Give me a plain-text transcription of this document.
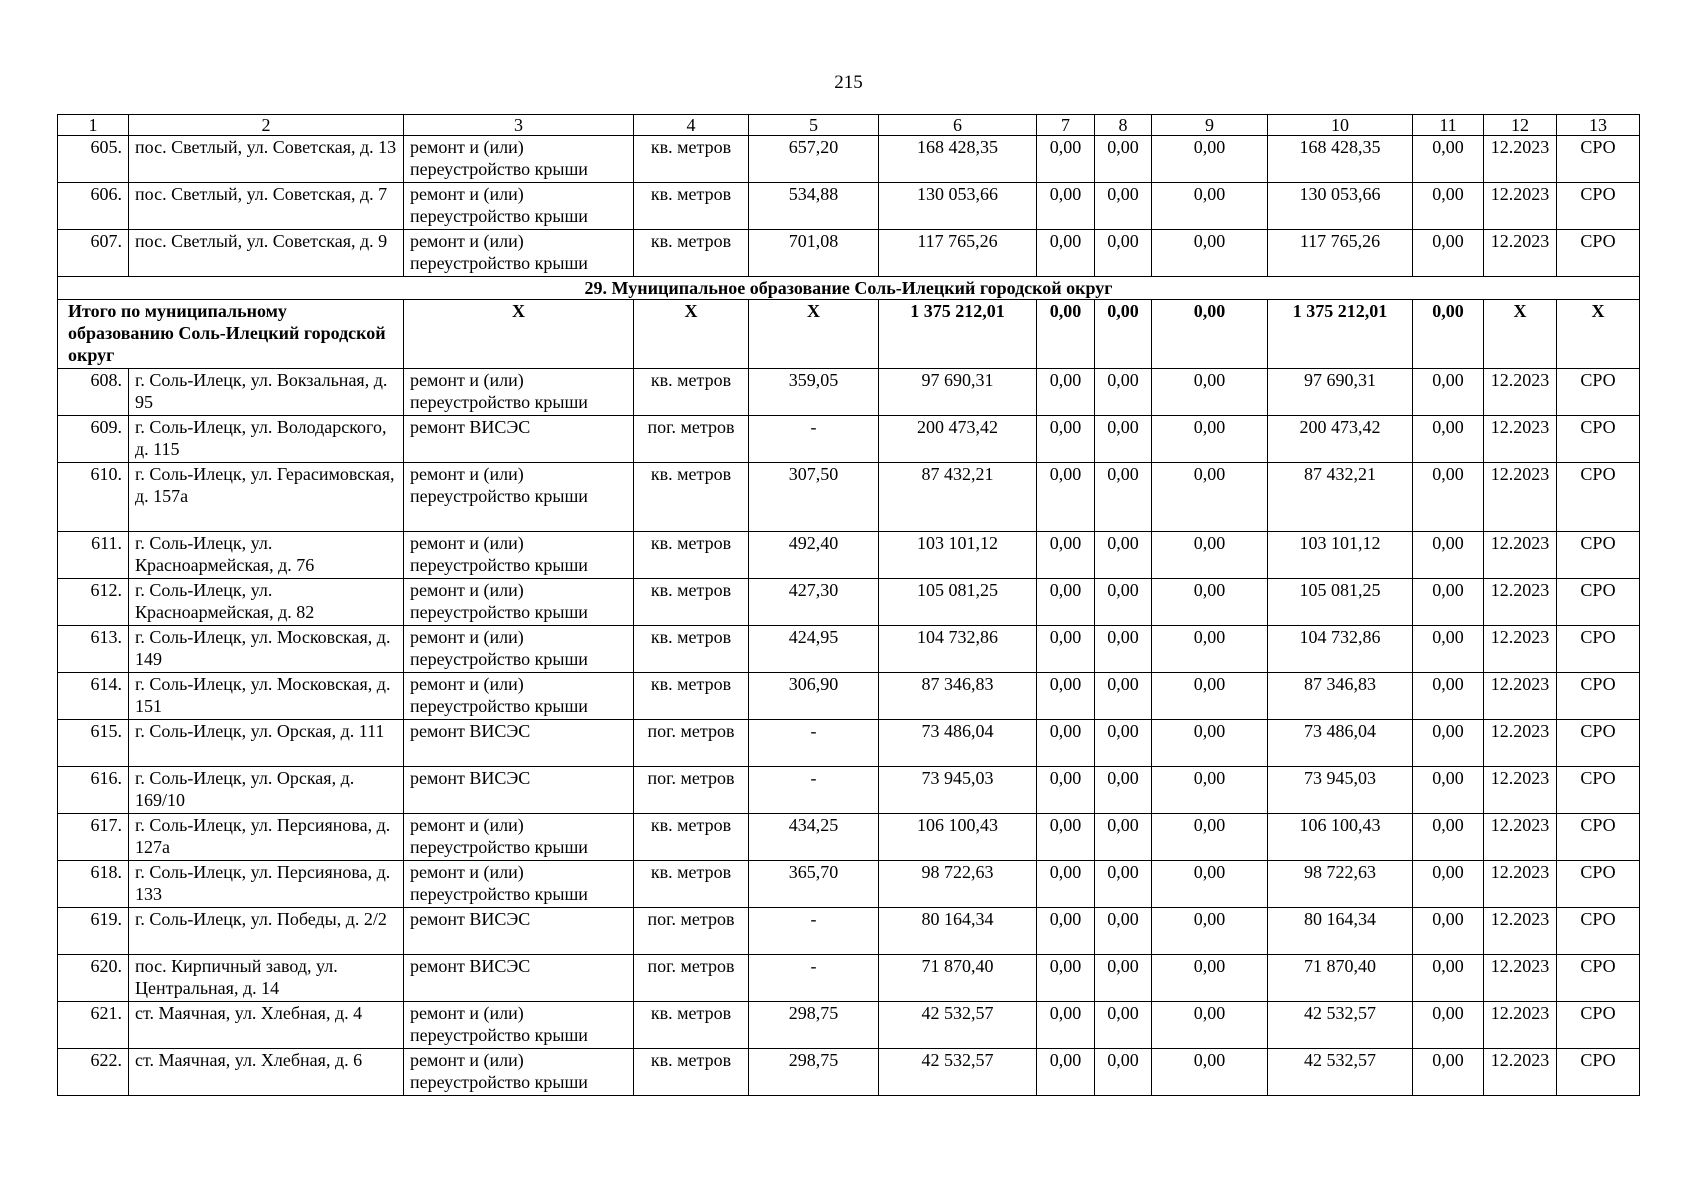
215
1	2	3	4	5	6	7	8	9	10	11	12	13
605.	пос. Светлый, ул. Советская, д. 13	ремонт и (или) переустройство крыши	кв. метров	657,20	168 428,35	0,00	0,00	0,00	168 428,35	0,00	12.2023	СРО
606.	пос. Светлый, ул. Советская, д. 7	ремонт и (или) переустройство крыши	кв. метров	534,88	130 053,66	0,00	0,00	0,00	130 053,66	0,00	12.2023	СРО
607.	пос. Светлый, ул. Советская, д. 9	ремонт и (или) переустройство крыши	кв. метров	701,08	117 765,26	0,00	0,00	0,00	117 765,26	0,00	12.2023	СРО
29. Муниципальное образование Соль-Илецкий городской округ												
Итого по муниципальному образованию Соль-Илецкий городской округ		X	X	X	1 375 212,01	0,00	0,00	0,00	1 375 212,01	0,00	X	X
608.	г. Соль-Илецк, ул. Вокзальная, д. 95	ремонт и (или) переустройство крыши	кв. метров	359,05	97 690,31	0,00	0,00	0,00	97 690,31	0,00	12.2023	СРО
609.	г. Соль-Илецк, ул. Володарского, д. 115	ремонт ВИСЭС	пог. метров	-	200 473,42	0,00	0,00	0,00	200 473,42	0,00	12.2023	СРО
610.	г. Соль-Илецк, ул. Герасимовская, д. 157а	ремонт и (или) переустройство крыши	кв. метров	307,50	87 432,21	0,00	0,00	0,00	87 432,21	0,00	12.2023	СРО
611.	г. Соль-Илецк, ул. Красноармейская, д. 76	ремонт и (или) переустройство крыши	кв. метров	492,40	103 101,12	0,00	0,00	0,00	103 101,12	0,00	12.2023	СРО
612.	г. Соль-Илецк, ул. Красноармейская, д. 82	ремонт и (или) переустройство крыши	кв. метров	427,30	105 081,25	0,00	0,00	0,00	105 081,25	0,00	12.2023	СРО
613.	г. Соль-Илецк, ул. Московская, д. 149	ремонт и (или) переустройство крыши	кв. метров	424,95	104 732,86	0,00	0,00	0,00	104 732,86	0,00	12.2023	СРО
614.	г. Соль-Илецк, ул. Московская, д. 151	ремонт и (или) переустройство крыши	кв. метров	306,90	87 346,83	0,00	0,00	0,00	87 346,83	0,00	12.2023	СРО
615.	г. Соль-Илецк, ул. Орская, д. 111	ремонт ВИСЭС	пог. метров	-	73 486,04	0,00	0,00	0,00	73 486,04	0,00	12.2023	СРО
616.	г. Соль-Илецк, ул. Орская, д. 169/10	ремонт ВИСЭС	пог. метров	-	73 945,03	0,00	0,00	0,00	73 945,03	0,00	12.2023	СРО
617.	г. Соль-Илецк, ул. Персиянова, д. 127а	ремонт и (или) переустройство крыши	кв. метров	434,25	106 100,43	0,00	0,00	0,00	106 100,43	0,00	12.2023	СРО
618.	г. Соль-Илецк, ул. Персиянова, д. 133	ремонт и (или) переустройство крыши	кв. метров	365,70	98 722,63	0,00	0,00	0,00	98 722,63	0,00	12.2023	СРО
619.	г. Соль-Илецк, ул. Победы, д. 2/2	ремонт ВИСЭС	пог. метров	-	80 164,34	0,00	0,00	0,00	80 164,34	0,00	12.2023	СРО
620.	пос. Кирпичный завод, ул. Центральная, д. 14	ремонт ВИСЭС	пог. метров	-	71 870,40	0,00	0,00	0,00	71 870,40	0,00	12.2023	СРО
621.	ст. Маячная, ул. Хлебная, д. 4	ремонт и (или) переустройство крыши	кв. метров	298,75	42 532,57	0,00	0,00	0,00	42 532,57	0,00	12.2023	СРО
622.	ст. Маячная, ул. Хлебная, д. 6	ремонт и (или) переустройство крыши	кв. метров	298,75	42 532,57	0,00	0,00	0,00	42 532,57	0,00	12.2023	СРО
